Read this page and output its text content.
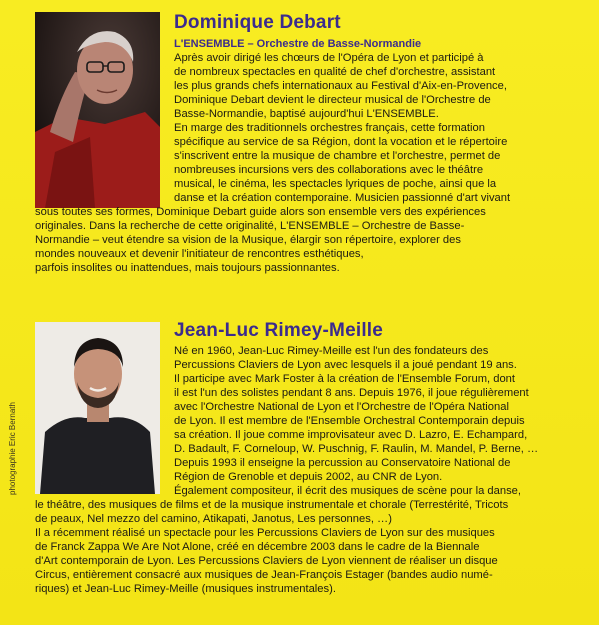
photographie Eric Bernath
Dominique Debart
L'ENSEMBLE – Orchestre de Basse-Normandie
Après avoir dirigé les chœurs de l'Opéra de Lyon et participé à
de nombreux spectacles en qualité de chef d'orchestre, assistant
les plus grands chefs internationaux au Festival d'Aix-en-Provence,
Dominique Debart devient le directeur musical de l'Orchestre de
Basse-Normandie, baptisé aujourd'hui L'ENSEMBLE.
En marge des traditionnels orchestres français, cette formation
spécifique au service de sa Région, dont la vocation et le répertoire
s'inscrivent entre la musique de chambre et l'orchestre, permet de
nombreuses incursions vers des collaborations avec le théâtre
musical, le cinéma, les spectacles lyriques de poche, ainsi que la
danse et la création contemporaine. Musicien passionné d'art vivant
sous toutes ses formes, Dominique Debart guide alors son ensemble vers des expériences
originales. Dans la recherche de cette originalité, L'ENSEMBLE – Orchestre de Basse-
Normandie – veut étendre sa vision de la Musique, élargir son répertoire, explorer des
mondes nouveaux et devenir l'initiateur de rencontres esthétiques,
parfois insolites ou inattendues, mais toujours passionnantes.
Jean-Luc Rimey-Meille
Né en 1960, Jean-Luc Rimey-Meille est l'un des fondateurs des
Percussions Claviers de Lyon avec lesquels il a joué pendant 19 ans.
Il participe avec Mark Foster à la création de l'Ensemble Forum, dont
il est l'un des solistes pendant 8 ans. Depuis 1976, il joue régulièrement
avec l'Orchestre National de Lyon et l'Orchestre de l'Opéra National
de Lyon. Il est membre de l'Ensemble Orchestral Contemporain depuis
sa création. Il joue comme improvisateur avec D. Lazro, E. Echampard,
D. Badault, F. Corneloup, W. Puschnig, F. Raulin, M. Mandel, P. Berne, …
Depuis 1993 il enseigne la percussion au Conservatoire National de
Région de Grenoble et depuis 2002, au CNR de Lyon.
Également compositeur, il écrit des musiques de scène pour la danse,
le théâtre, des musiques de films et de la musique instrumentale et chorale (Terrestérité, Tricots
de peaux, Nel mezzo del camino, Atikapati, Janotus, Les personnes, …)
Il a récemment réalisé un spectacle pour les Percussions Claviers de Lyon sur des musiques
de Franck Zappa We Are Not Alone, créé en décembre 2003 dans le cadre de la Biennale
d'Art contemporain de Lyon. Les Percussions Claviers de Lyon viennent de réaliser un disque
Circus, entièrement consacré aux musiques de Jean-François Estager (bandes audio numé-
riques) et Jean-Luc Rimey-Meille (musiques instrumentales).
